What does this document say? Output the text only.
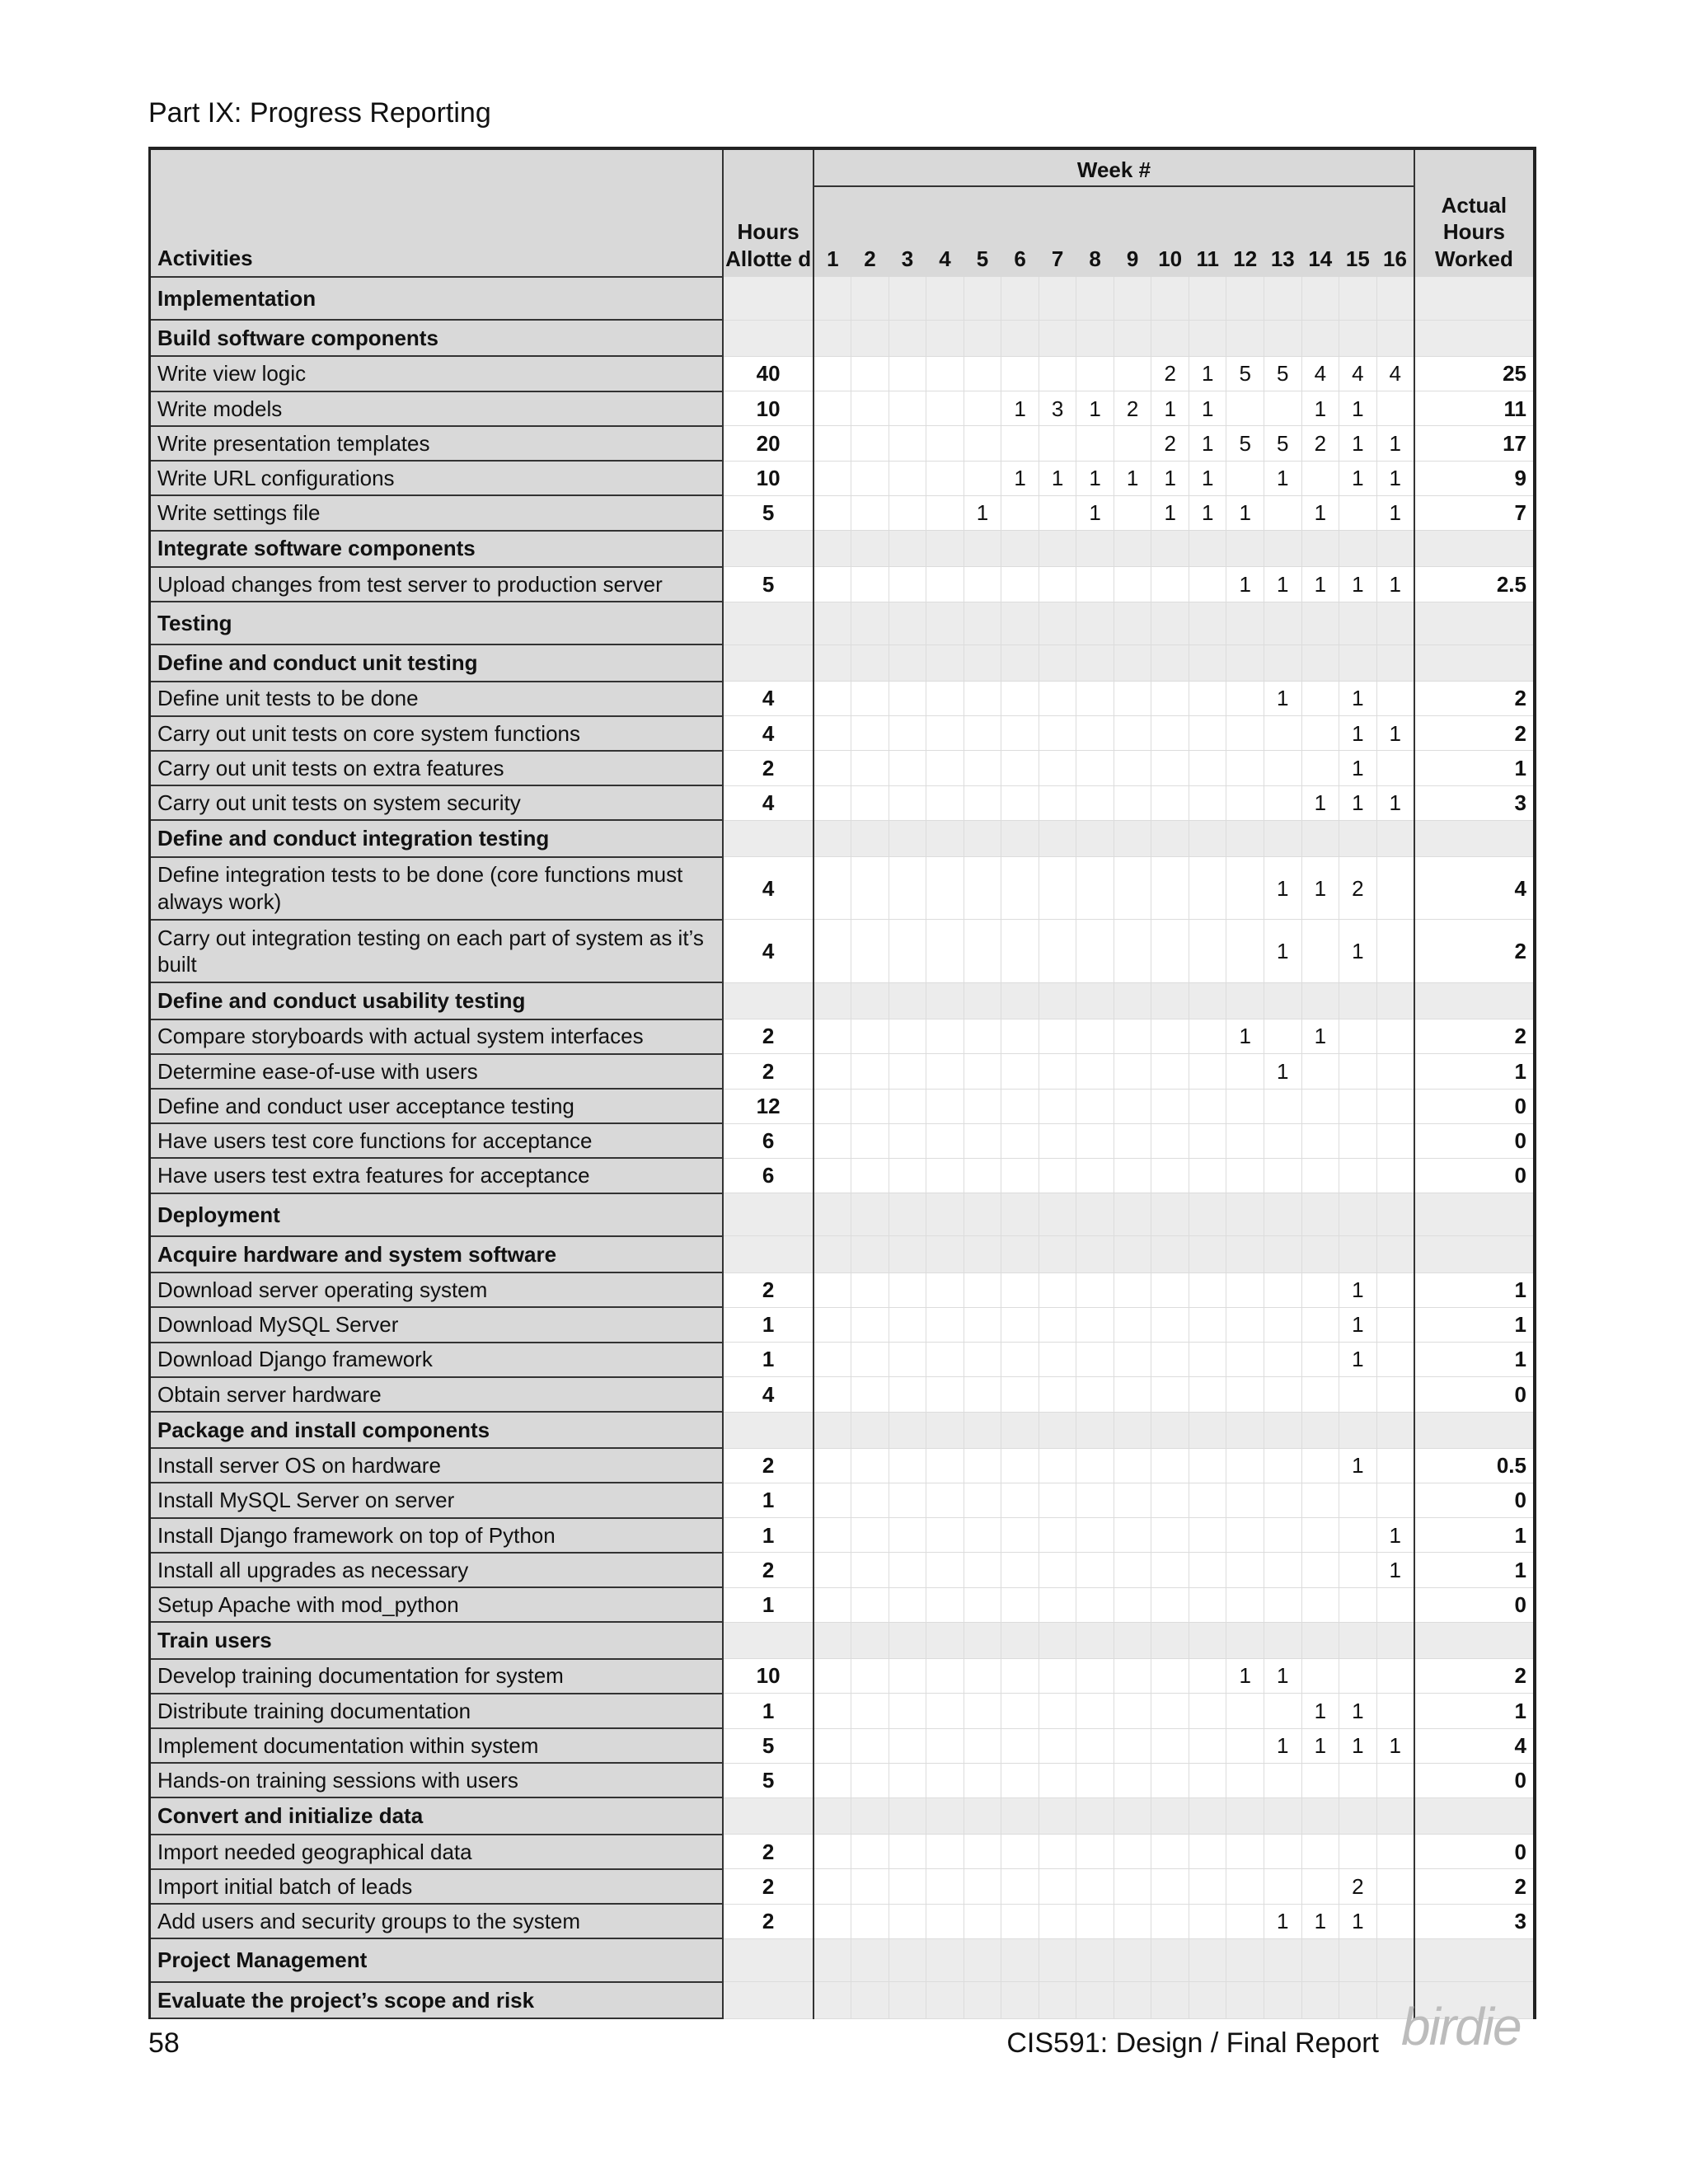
Part IX: Progress Reporting
Activities	Hours Allotte d	Week #																Actual Hours Worked
		1	2	3	4	5	6	7	8	9	10	11	12	13	14	15	16	
Implementation																		
Build software components																		
Write view logic	40										2	1	5	5	4	4	4	25
Write models	10						1	3	1	2	1	1			1	1		11
Write presentation templates	20										2	1	5	5	2	1	1	17
Write URL configurations	10						1	1	1	1	1	1		1		1	1	9
Write settings file	5					1			1		1	1	1		1		1	7
Integrate software components																		
Upload changes from test server to production server	5												1	1	1	1	1	2.5
Testing																		
Define and conduct unit testing																		
Define unit tests to be done	4													1		1		2
Carry out unit tests on core system functions	4															1	1	2
Carry out unit tests on extra features	2															1		1
Carry out unit tests on system security	4														1	1	1	3
Define and conduct integration testing																		
Define integration tests to be done (core functions must always work)	4													1	1	2		4
Carry out integration testing on each part of system as it’s built	4													1		1		2
Define and conduct usability testing																		
Compare storyboards with actual system interfaces	2												1		1			2
Determine ease-of-use with users	2													1				1
Define and conduct user acceptance testing	12																	0
Have users test core functions for acceptance	6																	0
Have users test extra features for acceptance	6																	0
Deployment																		
Acquire hardware and system software																		
Download server operating system	2															1		1
Download MySQL Server	1															1		1
Download Django framework	1															1		1
Obtain server hardware	4																	0
Package and install components																		
Install server OS on hardware	2															1		0.5
Install MySQL Server on server	1																	0
Install Django framework on top of Python	1																1	1
Install all upgrades as necessary	2																1	1
Setup Apache with mod_python	1																	0
Train users																		
Develop training documentation for system	10												1	1				2
Distribute training documentation	1														1	1		1
Implement documentation within system	5													1	1	1	1	4
Hands-on training sessions with users	5																	0
Convert and initialize data																		
Import needed geographical data	2																	0
Import initial batch of leads	2															2		2
Add users and security groups to the system	2													1	1	1		3
Project Management																		
Evaluate the project’s scope and risk																		
58	CIS591: Design / Final Report birdie
